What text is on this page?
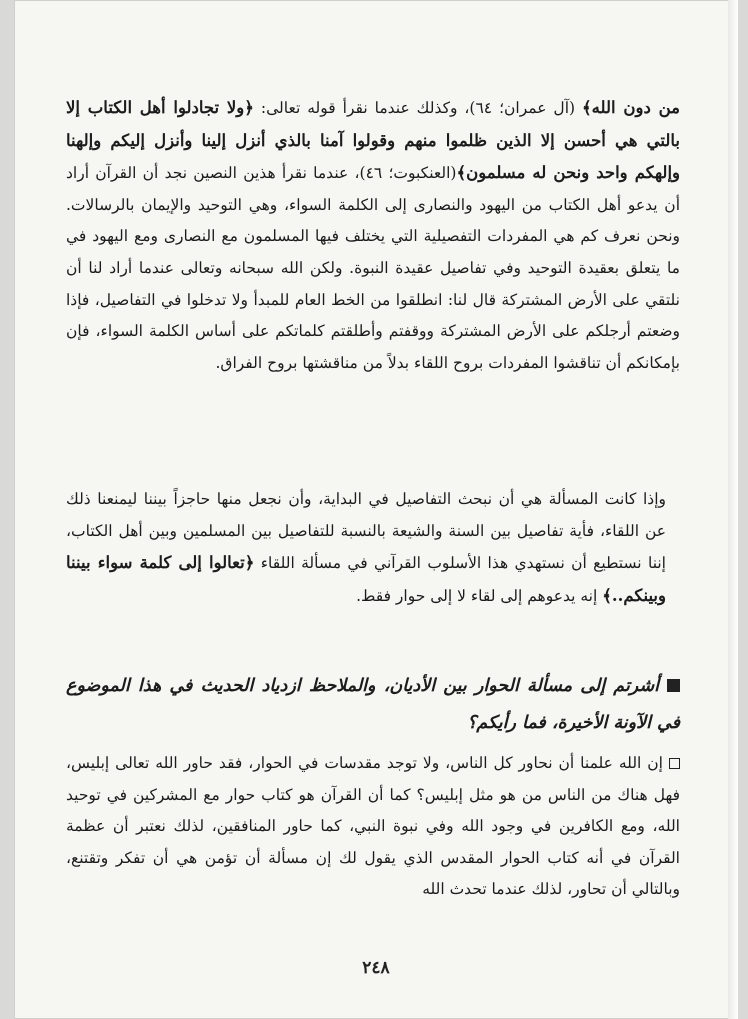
من دون الله﴾ (آل عمران؛ ٦٤)، وكذلك عندما نقرأ قوله تعالى: ﴿ولا تجادلوا أهل الكتاب إلا بالتي هي أحسن إلا الذين ظلموا منهم وقولوا آمنا بالذي أنزل إلينا وأنزل إليكم وإلهنا وإلهكم واحد ونحن له مسلمون﴾(العنكبوت؛ ٤٦)، عندما نقرأ هذين النصين نجد أن القرآن أراد أن يدعو أهل الكتاب من اليهود والنصارى إلى الكلمة السواء، وهي التوحيد والإيمان بالرسالات. ونحن نعرف كم هي المفردات التفصيلية التي يختلف فيها المسلمون مع النصارى ومع اليهود في ما يتعلق بعقيدة التوحيد وفي تفاصيل عقيدة النبوة. ولكن الله سبحانه وتعالى عندما أراد لنا أن نلتقي على الأرض المشتركة قال لنا: انطلقوا من الخط العام للمبدأ ولا تدخلوا في التفاصيل، فإذا وضعتم أرجلكم على الأرض المشتركة ووقفتم وأطلقتم كلماتكم على أساس الكلمة السواء، فإن بإمكانكم أن تناقشوا المفردات بروح اللقاء بدلاً من مناقشتها بروح الفراق.

وإذا كانت المسألة هي أن نبحث التفاصيل في البداية، وأن نجعل منها حاجزاً بيننا ليمنعنا ذلك عن اللقاء، فأية تفاصيل بين السنة والشيعة بالنسبة للتفاصيل بين المسلمين وبين أهل الكتاب، إننا نستطيع أن نستهدي هذا الأسلوب القرآني في مسألة اللقاء ﴿تعالوا إلى كلمة سواء بيننا وبينكم..﴾ إنه يدعوهم إلى لقاء لا إلى حوار فقط.

أشرتم إلى مسألة الحوار بين الأديان، والملاحظ ازدياد الحديث في هذا الموضوع في الآونة الأخيرة، فما رأيكم؟

إن الله علمنا أن نحاور كل الناس، ولا توجد مقدسات في الحوار، فقد حاور الله تعالى إبليس، فهل هناك من الناس من هو مثل إبليس؟ كما أن القرآن هو كتاب حوار مع المشركين في توحيد الله، ومع الكافرين في وجود الله وفي نبوة النبي، كما حاور المنافقين، لذلك نعتبر أن عظمة القرآن في أنه كتاب الحوار المقدس الذي يقول لك إن مسألة أن تؤمن هي أن تفكر وتقتنع، وبالتالي أن تحاور، لذلك عندما تحدث الله

٢٤٨
